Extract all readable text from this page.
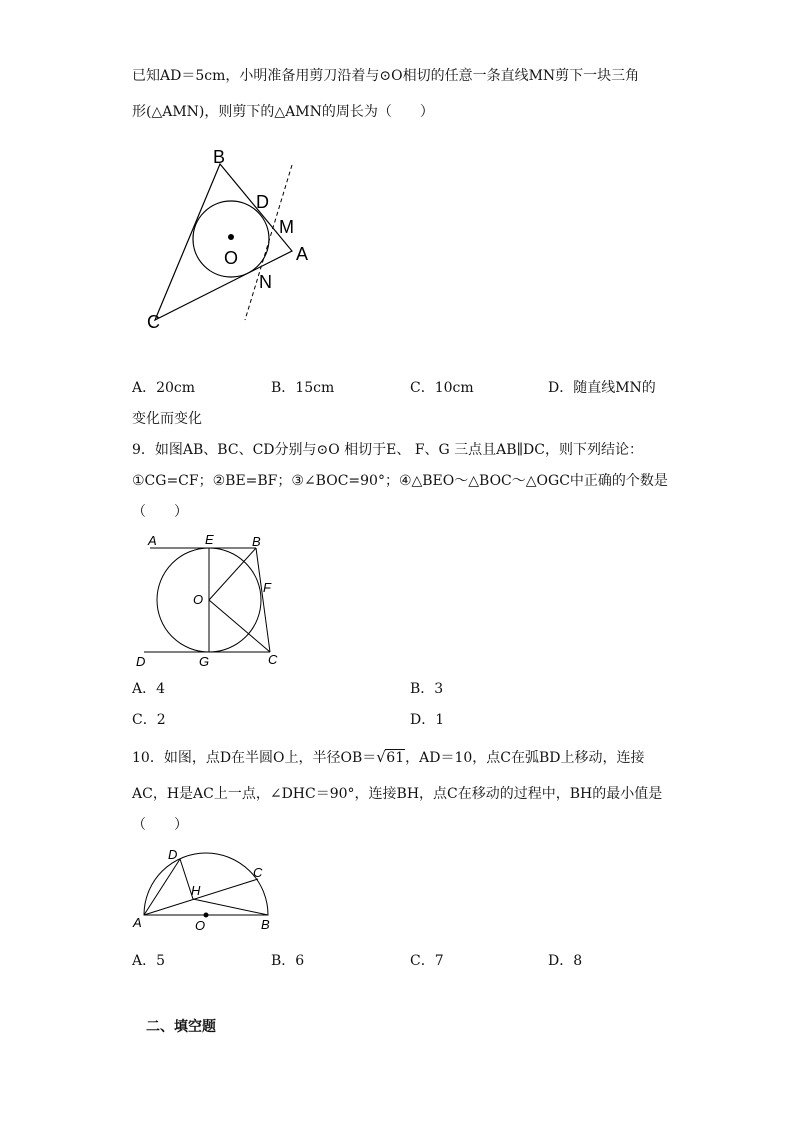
已知AD＝5cm，小明准备用剪刀沿着与⊙O相切的任意一条直线MN剪下一块三角
形(△AMN)，则剪下的△AMN的周长为（　　）
B
D
M
O	A
N
C
A．20cm	B．15cm	C．10cm	D．随直线MN的
变化而变化
9．如图AB、BC、CD分别与⊙O 相切于E、 F、G 三点且AB∥DC，则下列结论：
①CG=CF；②BE=BF；③∠BOC=90°；④△BEO～△BOC～△OGC中正确的个数是
（　　）
A	E	B
O
F
D	G	C
A．4	B．3
C．2	D．1
10．如图，点D在半圆O上，半径OB＝ √ 61，AD＝10，点C在弧BD上移动，连接
AC，H是AC上一点，∠DHC＝90°，连接BH，点C在移动的过程中，BH的最小值是
（　　）
D
C
H
A	O	B
A．5	B．6	C．7	D．8
二、填空题
